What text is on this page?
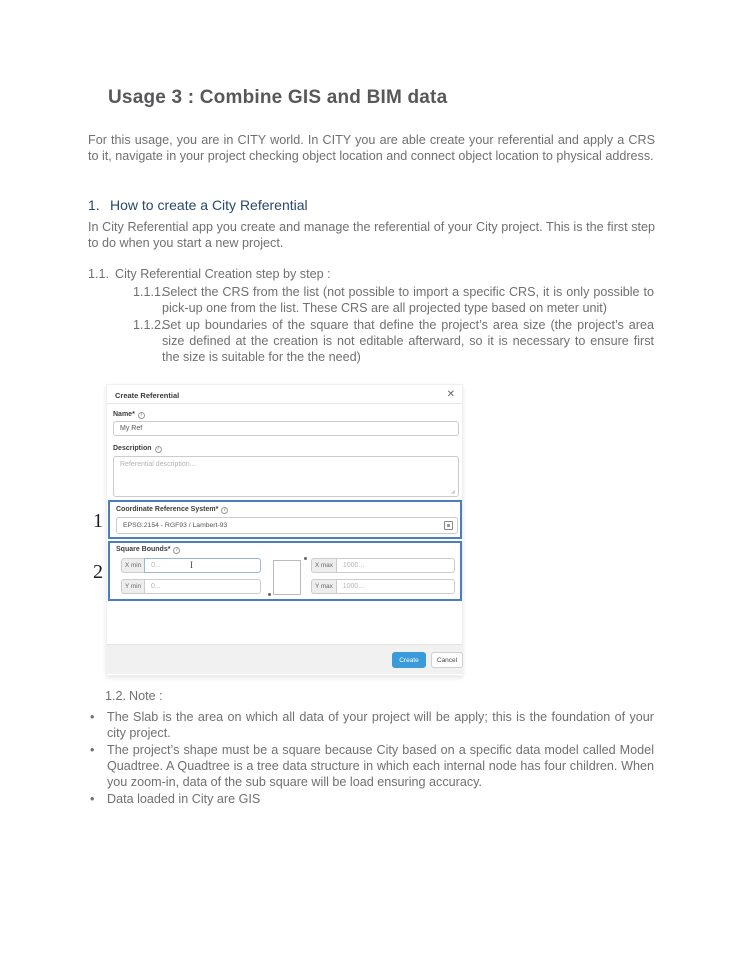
Usage 3 : Combine GIS and BIM data
For this usage, you are in CITY world. In CITY you are able create your referential and apply a CRS to it, navigate in your project checking object location and connect object location to physical address.
1. How to create a City Referential
In City Referential app you create and manage the referential of your City project. This is the first step to do when you start a new project.
1.1. City Referential Creation step by step :
1.1.1.
Select the CRS from the list (not possible to import a specific CRS, it is only possible to pick-up one from the list. These CRS are all projected type based on meter unit)
1.1.2.
Set up boundaries of the square that define the project’s area size (the project’s area size defined at the creation is not editable afterward, so it is necessary to ensure first the size is suitable for the the need)
Create Referential	✕
Name* i
My Ref
Description i
Referential description...
◢
1
Coordinate Reference System* i
EPSG:2154 - RGF93 / Lambert-93
2
Square Bounds* i
X min
0...	I
Y min
0...
X max
1000...
Y max
1000...
Create	Cancel
1.2. Note :
• The Slab is the area on which all data of your project will be apply; this is the foundation of your city project.
• The project’s shape must be a square because City based on a specific data model called Model Quadtree. A Quadtree is a tree data structure in which each internal node has four children. When you zoom-in, data of the sub square will be load ensuring accuracy.
• Data loaded in City are GIS
